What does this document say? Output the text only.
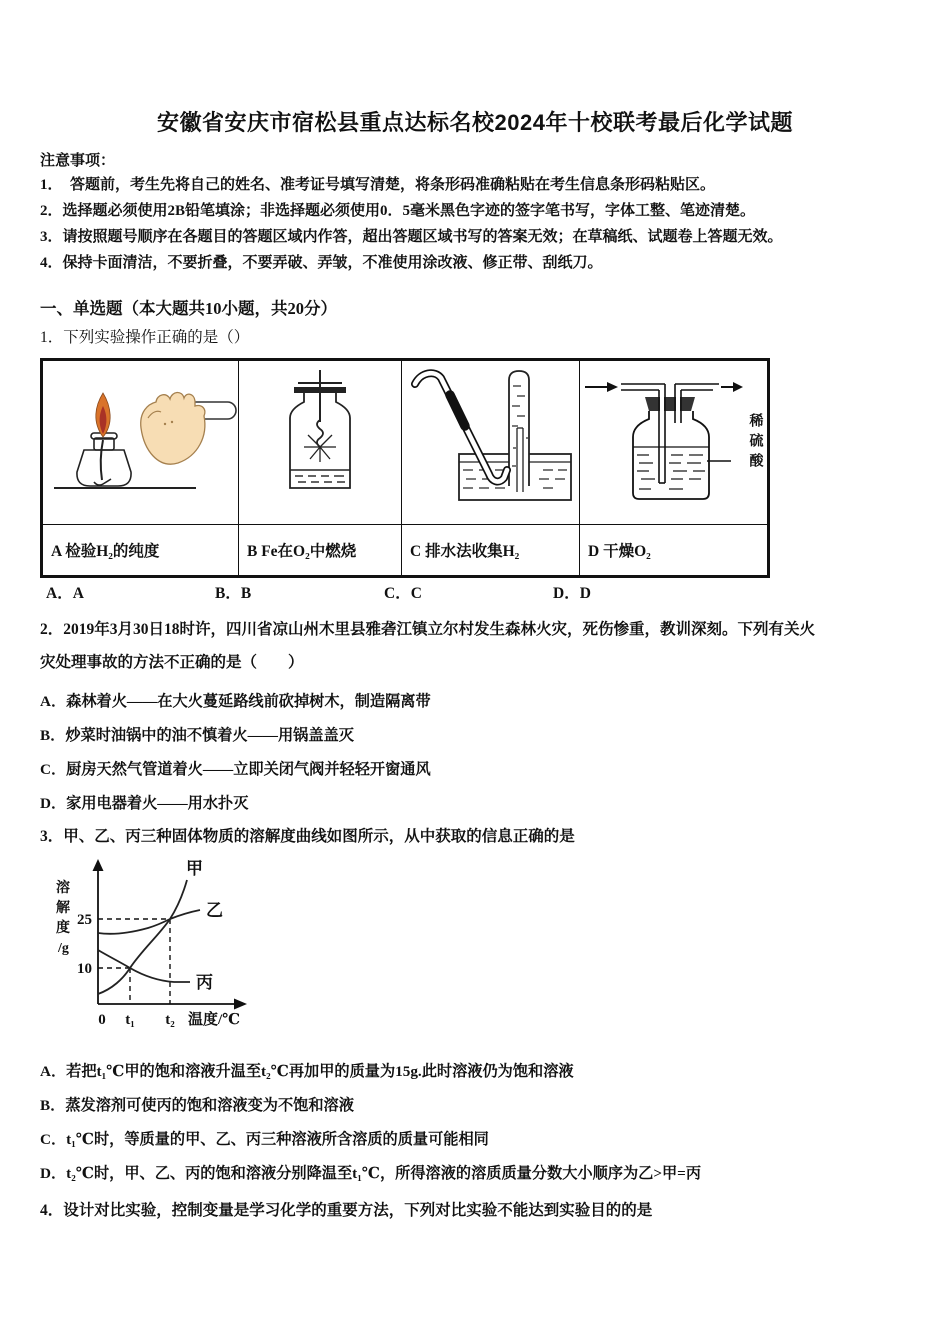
安徽省安庆市宿松县重点达标名校2024年十校联考最后化学试题
注意事项：
1．　答题前，考生先将自己的姓名、准考证号填写清楚，将条形码准确粘贴在考生信息条形码粘贴区。
2．选择题必须使用2B铅笔填涂；非选择题必须使用0．5毫米黑色字迹的签字笔书写，字体工整、笔迹清楚。
3．请按照题号顺序在各题目的答题区域内作答，超出答题区域书写的答案无效；在草稿纸、试题卷上答题无效。
4．保持卡面清洁，不要折叠，不要弄破、弄皱，不准使用涂改液、修正带、刮纸刀。
一、单选题（本大题共10小题，共20分）
1．下列实验操作正确的是（）

稀硫酸

A 检验H₂的纯度	B Fe在O₂中燃烧	C 排水法收集H₂	D 干燥O₂
A．A	B．B	C．C	D．D
2．2019年3月30日18时许，四川省凉山州木里县雅砻江镇立尔村发生森林火灾，死伤惨重，教训深刻。下列有关火
灾处理事故的方法不正确的是（　　）
A．森林着火——在大火蔓延路线前砍掉树木，制造隔离带
B．炒菜时油锅中的油不慎着火——用锅盖盖灭
C．厨房天然气管道着火——立即关闭气阀并轻轻开窗通风
D．家用电器着火——用水扑灭
3．甲、乙、丙三种固体物质的溶解度曲线如图所示，从中获取的信息正确的是
甲
乙
丙
溶
解
度
/g
25
10
0 t₁ t₂ 温度/℃
A．若把t₁℃甲的饱和溶液升温至t₂℃再加甲的质量为15g.此时溶液仍为饱和溶液
B．蒸发溶剂可使丙的饱和溶液变为不饱和溶液
C．t₁℃时，等质量的甲、乙、丙三种溶液所含溶质的质量可能相同
D．t₂℃时，甲、乙、丙的饱和溶液分别降温至t₁℃，所得溶液的溶质质量分数大小顺序为乙>甲=丙
4．设计对比实验，控制变量是学习化学的重要方法，下列对比实验不能达到实验目的的是
